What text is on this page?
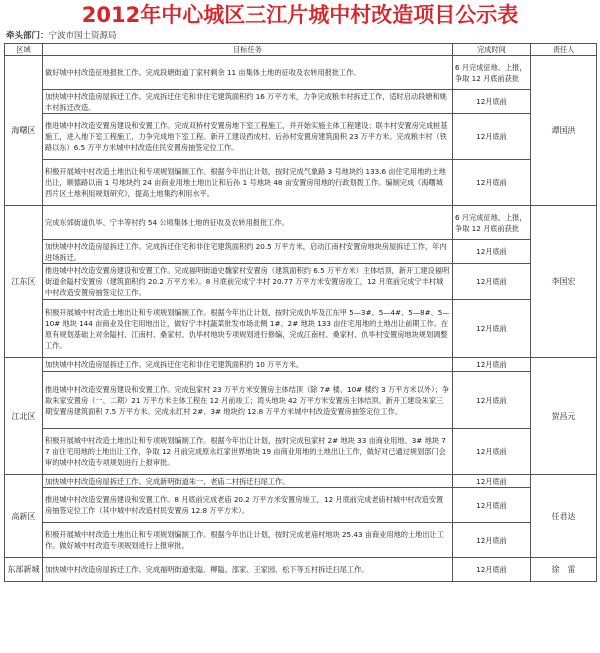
2012年中心城区三江片城中村改造项目公示表
牵头部门：宁波市国土资源局
区域	目标任务	完成时间	责任人
海曙区	做好城中村改造征地报批工作。完成段塘街道丁家村剩余 11 亩集体土地的征收及农转用报批工作。	6 月完成征地、上报，争取 12 月底前获批	谭国洪
	加快城中村改造房屋拆迁工作。完成拆迁住宅和非住宅建筑面积约 16 万平方米，力争完成粮丰村拆迁工作，适时启动段塘和姚丰村拆迁改造。	12月底前	
	推进城中村改造安置房建设和安置工作。完成双桥村安置房地下室工程施工，并开始实施主体工程建设；联丰村安置房完成桩基施工，进入地下室工程施工，力争完成地下室工程。新开工建设西成村、后孙村安置房建筑面积 23 万平方米。完成粮丰村（铁路以东）6.5 万平方米城中村改造住民安置房抽签定位工作。	12月底前	
	积极开展城中村改造土地出让和专项规划编制工作。根据今年出让计划，按时完成气象路 3 号地块约 133.6 亩住宅用地的土地出让，顺德路以南 1 号地块约 24 亩商业用地土地出让和后孙 1 号地块 48 亩安置房用地的行政划拨工作。编制完成《海曙城西片区土地利用规划研究》，提高土地集约利用水平。	12月底前	
江东区	完成东郊街道仇毕、宁丰等村约 54 公顷集体土地的征收及农转用报批工作。	6 月完成征地、上报，争取 12 月底前获批	李国宏
	加快城中村改造房屋拆迁工作。完成拆迁住宅和非住宅建筑面积约 20.5 万平方米，启动江南村安置房地块房屋拆迁工作，年内进场拆迁。	12月底前	
	推进城中村改造安置房建设和安置工作。完成福明街道史魏家村安置房（建筑面积约 6.5 万平方米）主体结顶，新开工建设福明街道余隘村安置房（建筑面积约 20.2 万平方米）。8 月底前完成宁丰村 20.77 万平方米安置房竣工，12 月底前完成宁丰村城中村改造安置房抽签定位工作。	12月底前	
	积极开展城中村改造土地出让和专项规划编制工作。根据今年出让计划，按时完成仇毕及江东甲 5—3#、5—4#、5—8#、5—10# 地块 144 亩商业及住宅用地出让，做好宁丰村蔬菜批发市场北侧 1#、2# 地块 133 亩住宅用地的土地出让前期工作。在原有规划基础上对余隘村、江南村、桑家村、仇毕村地块专项规划进行修编，完成江南村、桑家村、仇毕村安置房地块规划调整工作。	12月底前	
江北区	加快城中村改造房屋拆迁工作。完成拆迁住宅和非住宅建筑面积约 10 万平方米。	12月底前	贺昌元
	推进城中村改造安置房建设和安置工作。完成包家村 23 万平方米安置房主体结顶（除 7# 楼、10# 楼约 3 万平方米以外）；争取朱家安置房（一、二期）21 万平方米主体工程在 12 月前竣工；湾头地块 42 万平方米安置房主体结顶。新开工建设朱家三期安置房建筑面积 7.5 万平方米。完成永红村 2#、3# 地块约 12.8 万平方米城中村改造安置房抽签定位工作。	12月底前	
	积极开展城中村改造土地出让和专项规划编制工作。根据今年出让计划，按时完成包家村 2# 地块 33 亩商业用地、3# 地块 77 亩住宅用地的土地出让工作，争取 12 月前完成原永红家世界地块 19 亩商业用地的土地出让工作，做好对已通过规划部门会审的城中村改造专项规划进行上报审批。	12月底前	
高新区	加快城中村改造房屋拆迁工作。完成新明街道朱一、老庙二村拆迁扫尾工作。	12月底前	任君达
	推进城中村改造安置房建设和安置工作。8 月底前完成老庙 20.2 万平方米安置房竣工，12 月底前完成老庙村城中村改造安置房抽签定位工作（其中城中村改造村民安置房 12.8 万平方米）。	12月底前	
	积极开展城中村改造土地出让和专项规划编制工作。根据今年出让计划，按时完成老庙村地块 25.43 亩商业用地的土地出让工作。做好城中村改造专项规划进行上报审批。	12月底前	
东部新城	加快城中村改造房屋拆迁工作。完成福明街道张隘、柳隘、邵家、王家园、松下等五村拆迁扫尾工作。	12月底前	徐　雷
